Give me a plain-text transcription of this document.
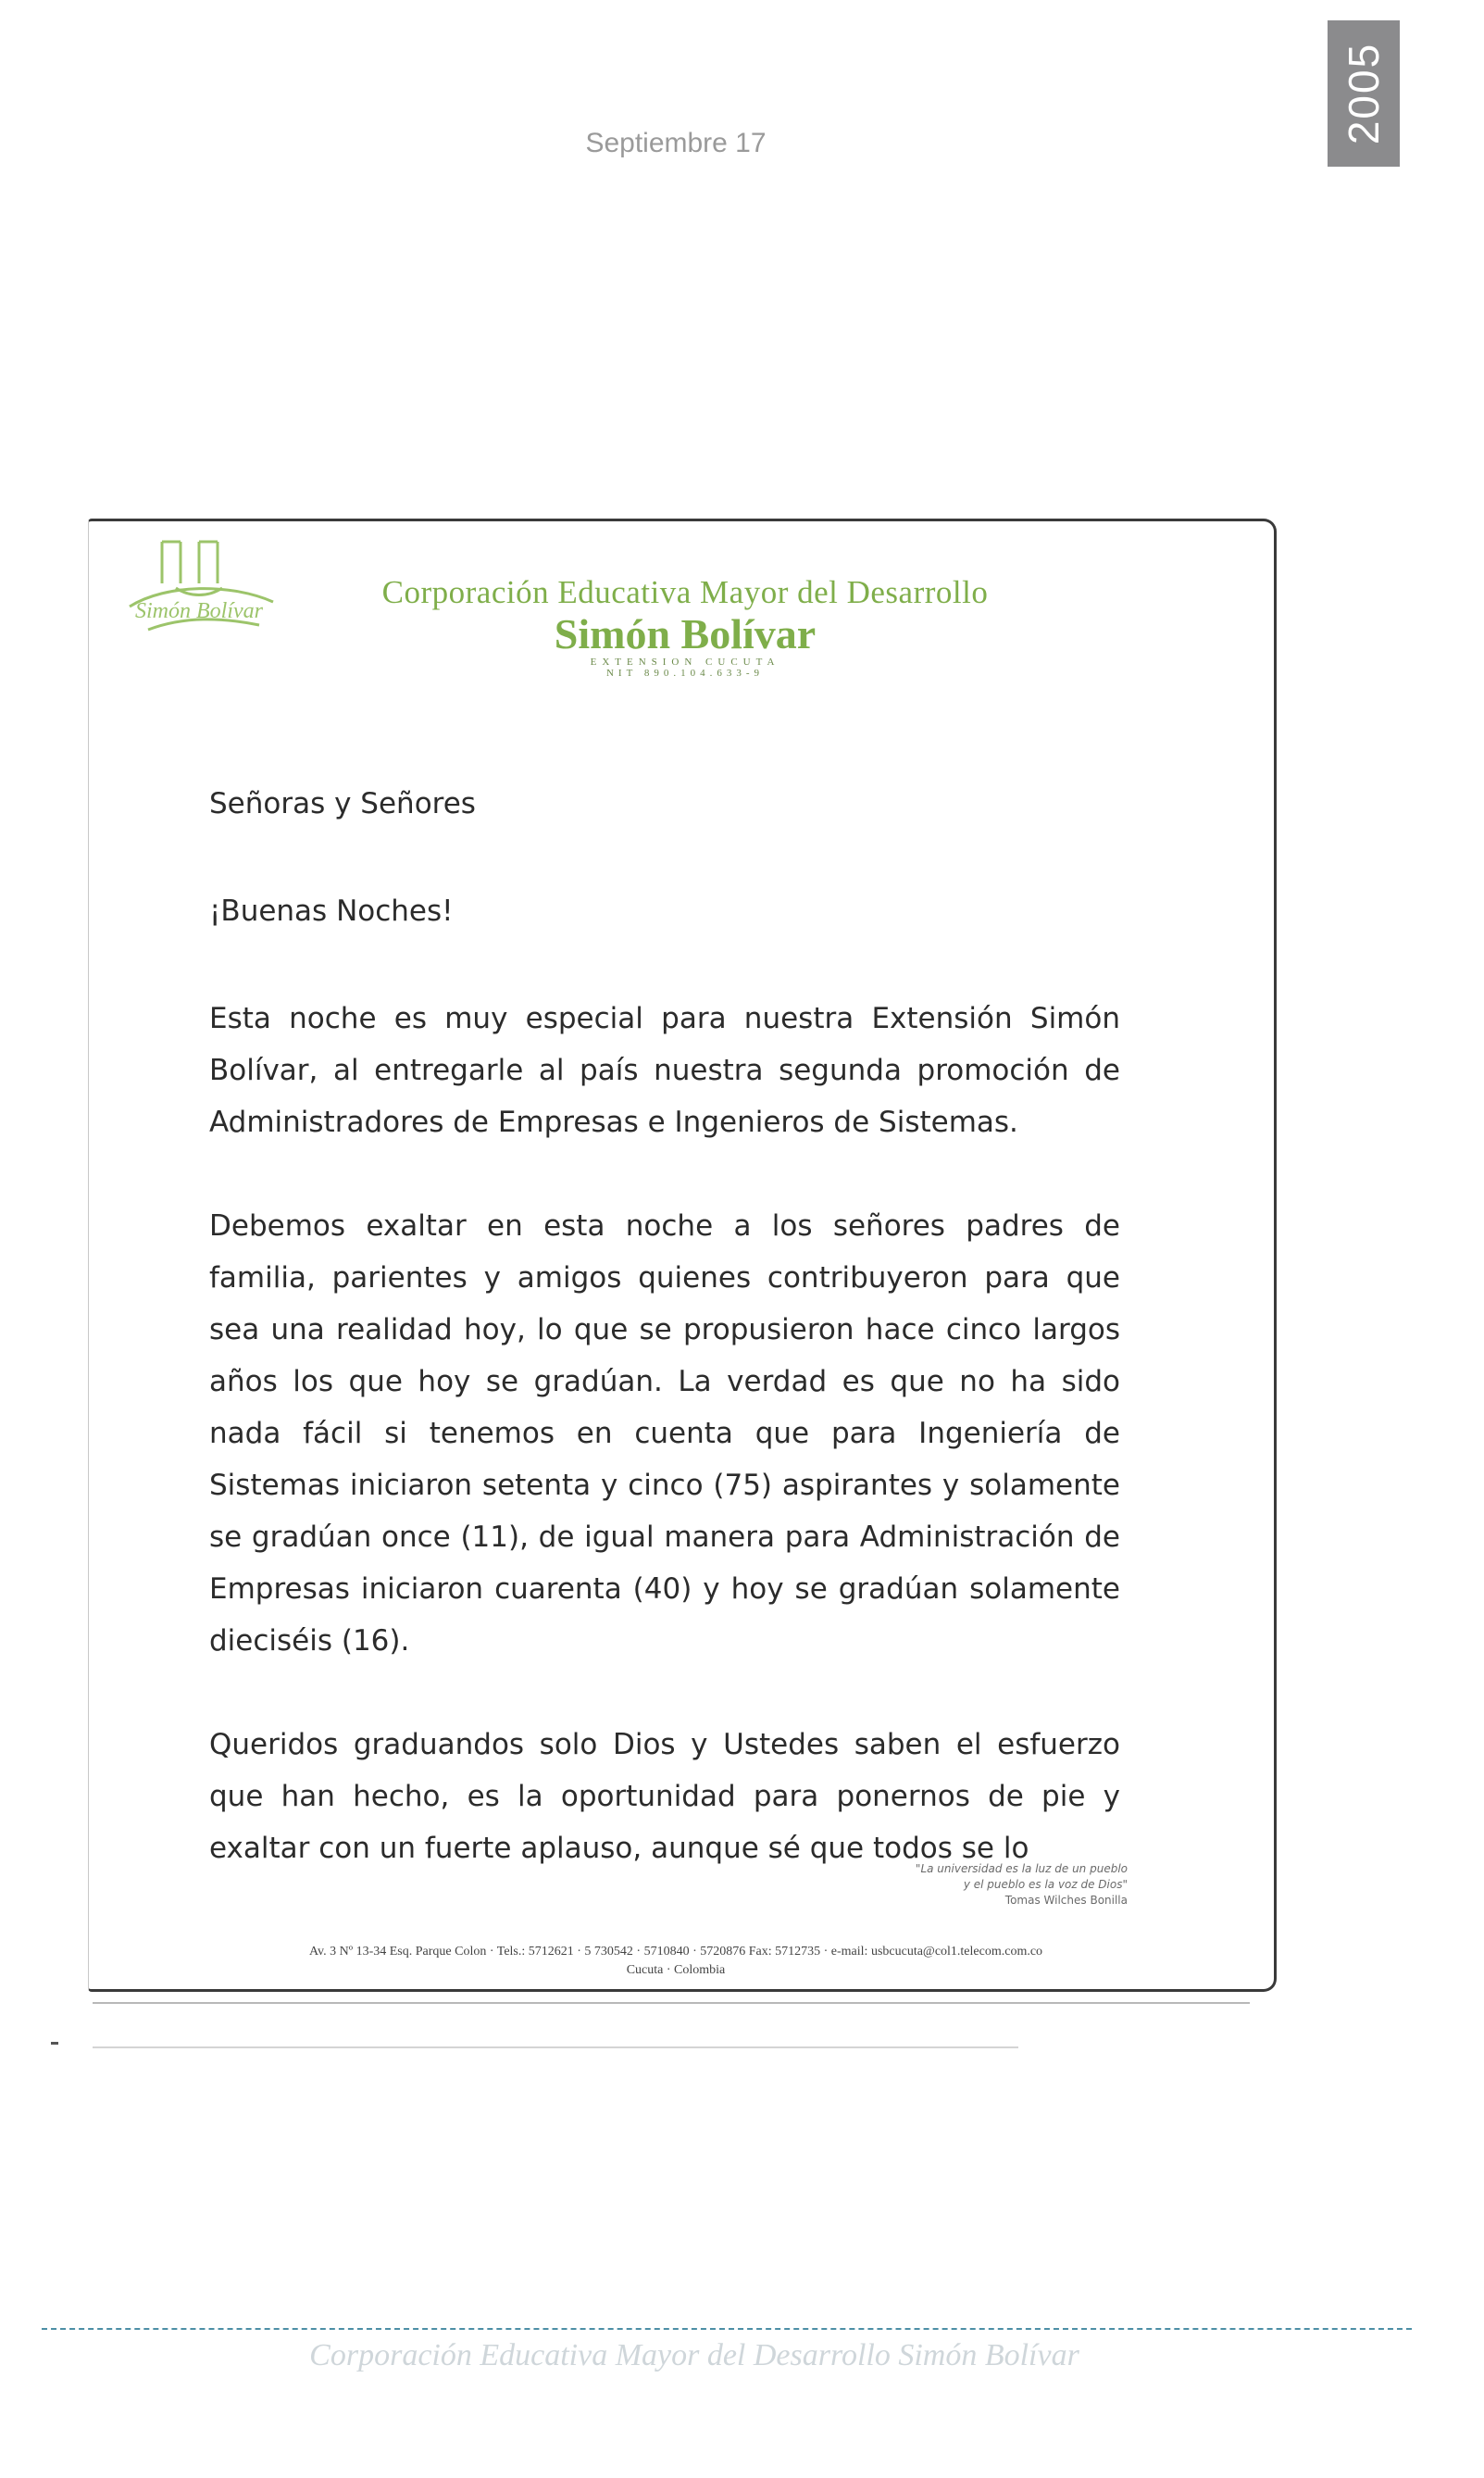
2005
Septiembre 17
Simón Bolívar
Corporación Educativa Mayor del Desarrollo
Simón Bolívar
EXTENSION CUCUTA
NIT 890.104.633-9

Señoras y Señores

¡Buenas Noches!

Esta noche es muy especial para nuestra Extensión Simón Bolívar, al entregarle al país nuestra segunda promoción de Administradores de Empresas e Ingenieros de Sistemas.

Debemos exaltar en esta noche a los señores padres de familia, parientes y amigos quienes contribuyeron para que sea una realidad hoy, lo que se propusieron hace cinco largos años los que hoy se gradúan. La verdad es que no ha sido nada fácil si tenemos en cuenta que para Ingeniería de Sistemas iniciaron setenta y cinco (75) aspirantes y solamente se gradúan once (11), de igual manera para Administración de Empresas iniciaron cuarenta (40) y hoy se gradúan solamente dieciséis (16).

Queridos graduandos solo Dios y Ustedes saben el esfuerzo que han hecho, es la oportunidad para ponernos de pie y exaltar con un fuerte aplauso, aunque sé que todos se lo

"La universidad es la luz de un pueblo
y el pueblo es la voz de Dios"
Tomas Wilches Bonilla
Av. 3 Nº 13-34 Esq. Parque Colon · Tels.: 5712621 · 5 730542 · 5710840 · 5720876 Fax: 5712735 · e-mail: usbcucuta@col1.telecom.com.co
Cucuta · Colombia
Corporación Educativa Mayor del Desarrollo Simón Bolívar
